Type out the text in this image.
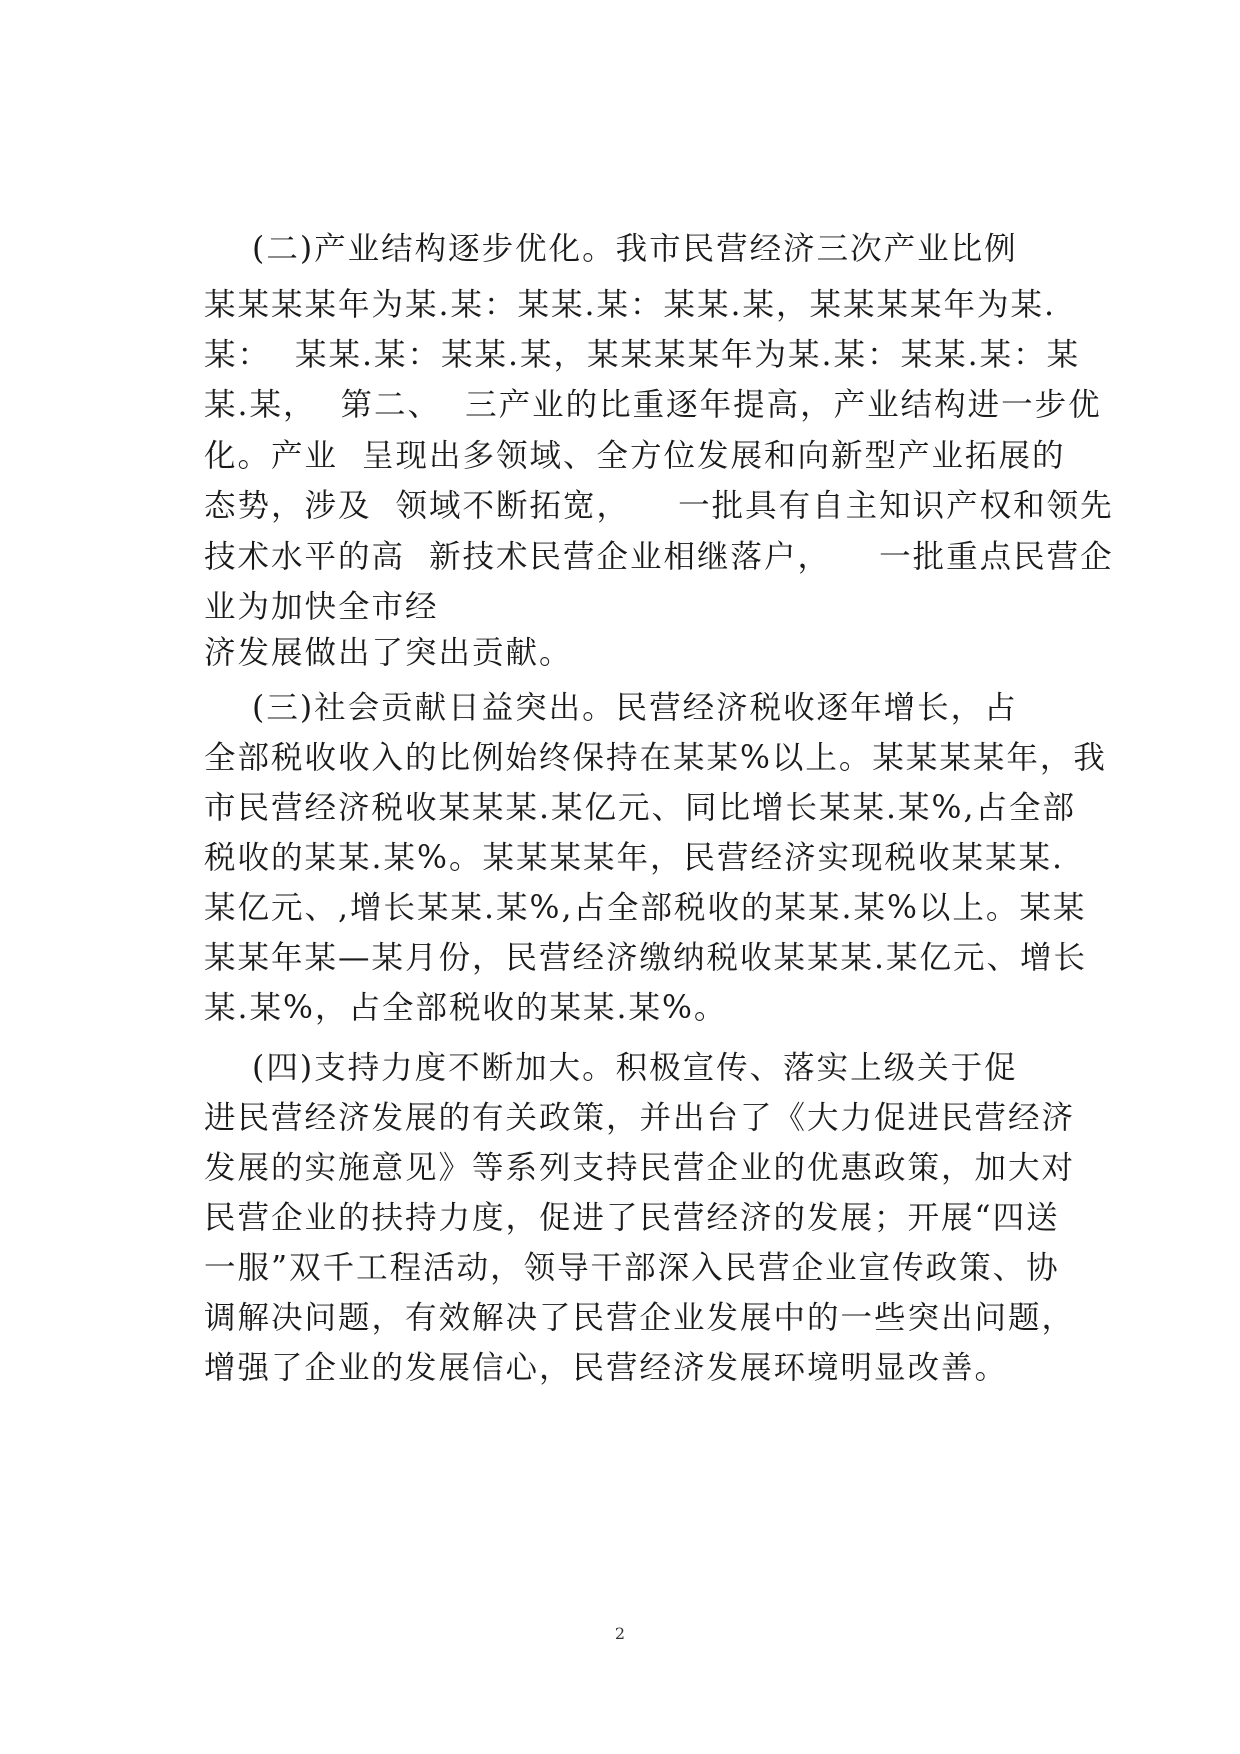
(二)产业结构逐步优化。我市民营经济三次产业比例
某某某某年为某.某：某某.某：某某.某，某某某某年为某.
某：  某某.某：某某.某，某某某某年为某.某：某某.某：某
某.某，  第二、  三产业的比重逐年提高，产业结构进一步优
化。产业  呈现出多领域、全方位发展和向新型产业拓展的
态势，涉及  领域不断拓宽，    一批具有自主知识产权和领先
技术水平的高  新技术民营企业相继落户，    一批重点民营企
业为加快全市经
济发展做出了突出贡献。
(三)社会贡献日益突出。民营经济税收逐年增长，占
全部税收收入的比例始终保持在某某%以上。某某某某年，我
市民营经济税收某某某.某亿元、同比增长某某.某%,占全部
税收的某某.某%。某某某某年，民营经济实现税收某某某.
某亿元、,增长某某.某%,占全部税收的某某.某%以上。某某
某某年某—某月份，民营经济缴纳税收某某某.某亿元、增长
某.某%，占全部税收的某某.某%。
(四)支持力度不断加大。积极宣传、落实上级关于促
进民营经济发展的有关政策，并出台了《大力促进民营经济
发展的实施意见》等系列支持民营企业的优惠政策，加大对
民营企业的扶持力度，促进了民营经济的发展；开展“四送
一服”双千工程活动，领导干部深入民营企业宣传政策、协
调解决问题，有效解决了民营企业发展中的一些突出问题，
增强了企业的发展信心，民营经济发展环境明显改善。
2
